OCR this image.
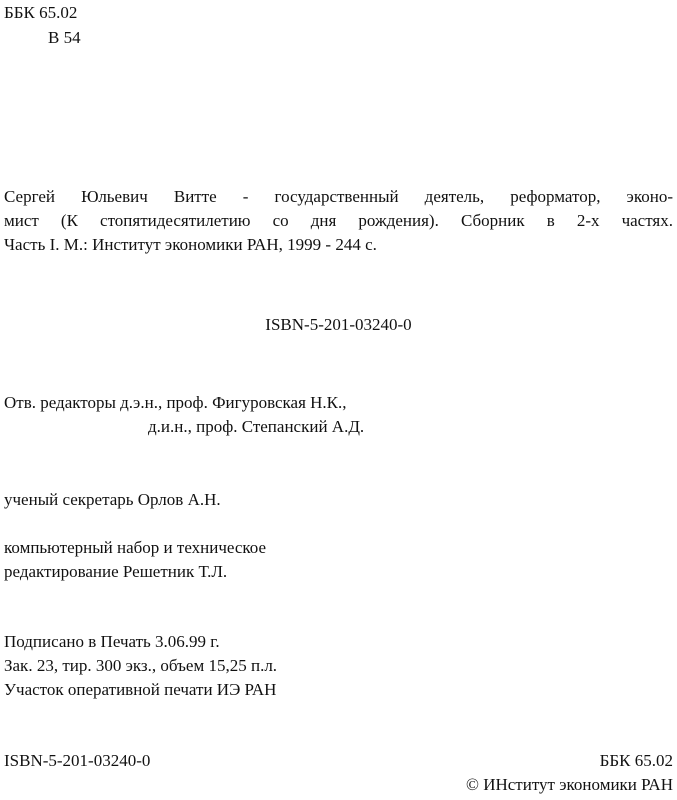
ББК 65.02
В 54
Сергей Юльевич Витте - государственный деятель, реформатор, эконо-
мист (К стопятидесятилетию со дня рождения). Сборник в 2-х частях.
Часть I. М.: Институт экономики РАН, 1999 - 244 с.
ISBN-5-201-03240-0
Отв. редакторы д.э.н., проф. Фигуровская Н.К.,
д.и.н., проф. Степанский А.Д.
ученый секретарь Орлов А.Н.
компьютерный набор и техническое
редактирование Решетник Т.Л.
Подписано в Печать 3.06.99 г.
Зак. 23, тир. 300 экз., объем 15,25 п.л.
Участок оперативной печати ИЭ РАН
ISBN-5-201-03240-0	ББК 65.02
© ИНститут экономики РАН
